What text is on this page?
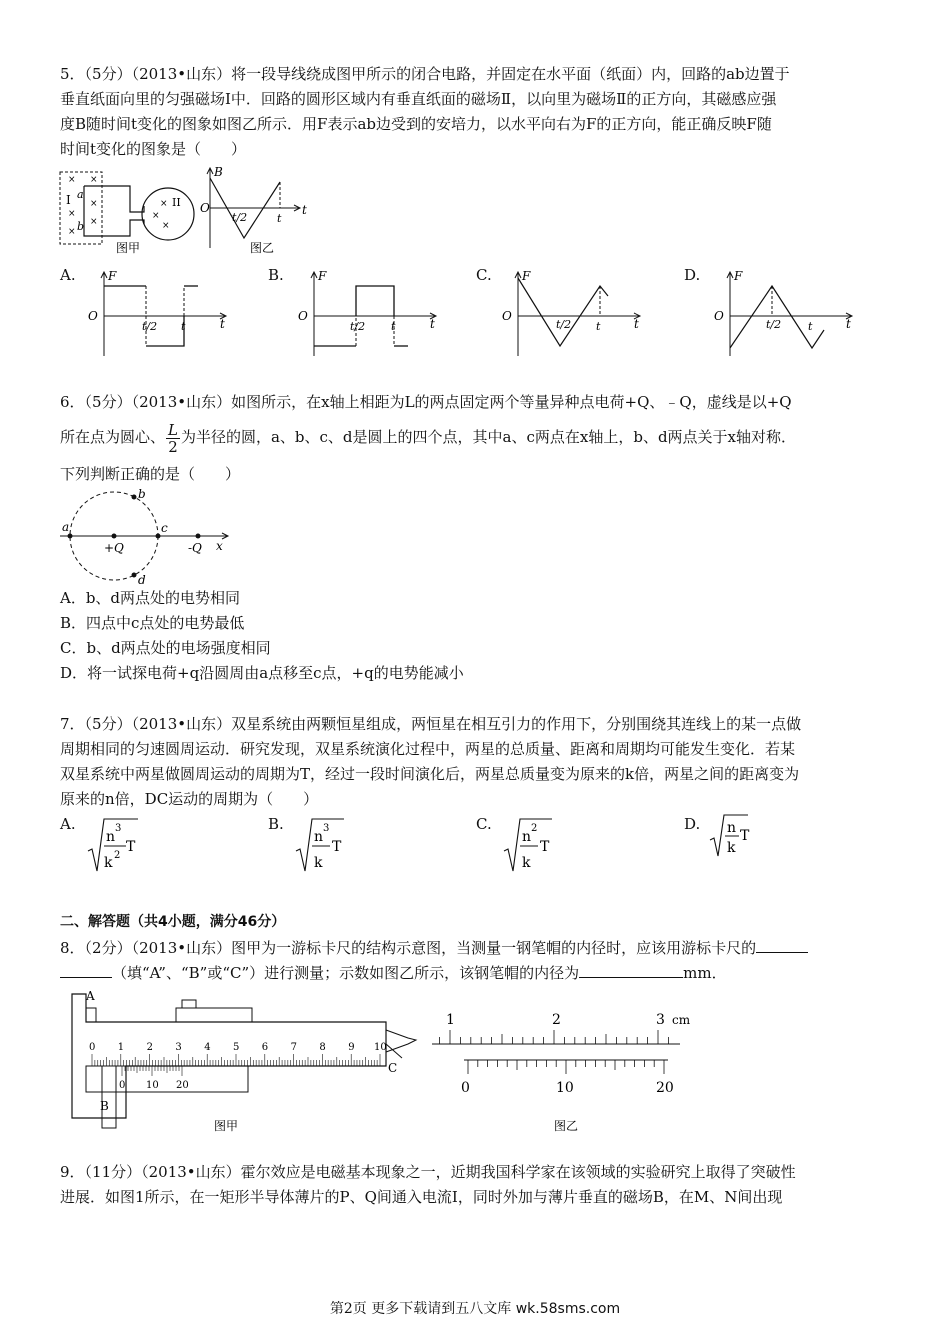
5．（5分）（2013•山东）将一段导线绕成图甲所示的闭合电路，并固定在水平面（纸面）内，回路的ab边置于
垂直纸面向里的匀强磁场Ⅰ中．回路的圆形区域内有垂直纸面的磁场Ⅱ，以向里为磁场Ⅱ的正方向，其磁感应强
度B随时间t变化的图象如图乙所示．用F表示ab边受到的安培力，以水平向右为F的正方向，能正确反映F随
时间t变化的图象是（　　）
× ×
×
×
×
×
a
b
I	×
×
×
II
图甲
O
B
t
t/2	t
图乙
A.
O
F
t
t/2 t
B.
O
F
t
t/2 t
C.
O
F
t
t/2 t
D.
O
F
t
t/2 t
6．（5分）（2013•山东）如图所示，在x轴上相距为L的两点固定两个等量异种点电荷+Q、﹣Q，虚线是以+Q
所在点为圆心、 $\frac{L}{2}$ 为半径的圆，a、b、c、d是圆上的四个点，其中a、c两点在x轴上，b、d两点关于x轴对称．
下列判断正确的是（　　）
a
b
c
d
+Q	-Q x
A．b、d两点处的电势相同
B．四点中c点处的电势最低
C．b、d两点处的电场强度相同
D．将一试探电荷+q沿圆周由a点移至c点，+q的电势能减小
7．（5分）（2013•山东）双星系统由两颗恒星组成，两恒星在相互引力的作用下，分别围绕其连线上的某一点做
周期相同的匀速圆周运动．研究发现，双星系统演化过程中，两星的总质量、距离和周期均可能发生变化．若某
双星系统中两星做圆周运动的周期为T，经过一段时间演化后，两星总质量变为原来的k倍，两星之间的距离变为
原来的n倍，DC运动的周期为（　　）
A.
n
3
k 2
T
B.
n
3
k
T
C.
n
2
k
T
D. n
k
T
二、解答题（共4小题，满分46分）
8．（2分）（2013•山东）图甲为一游标卡尺的结构示意图，当测量一钢笔帽的内径时，应该用游标卡尺的
（填“A”、“B”或“C”）进行测量；示数如图乙所示，该钢笔帽的内径为	mm．
0 1 2 3 4 5 6 7 8 9 10
0 10 20
A
B
C
图甲
1	2	3 cm
0	10	20
图乙
9．（11分）（2013•山东）霍尔效应是电磁基本现象之一，近期我国科学家在该领域的实验研究上取得了突破性
进展．如图1所示，在一矩形半导体薄片的P、Q间通入电流I，同时外加与薄片垂直的磁场B，在M、N间出现
第2页 更多下载请到五八文库 wk.58sms.com
